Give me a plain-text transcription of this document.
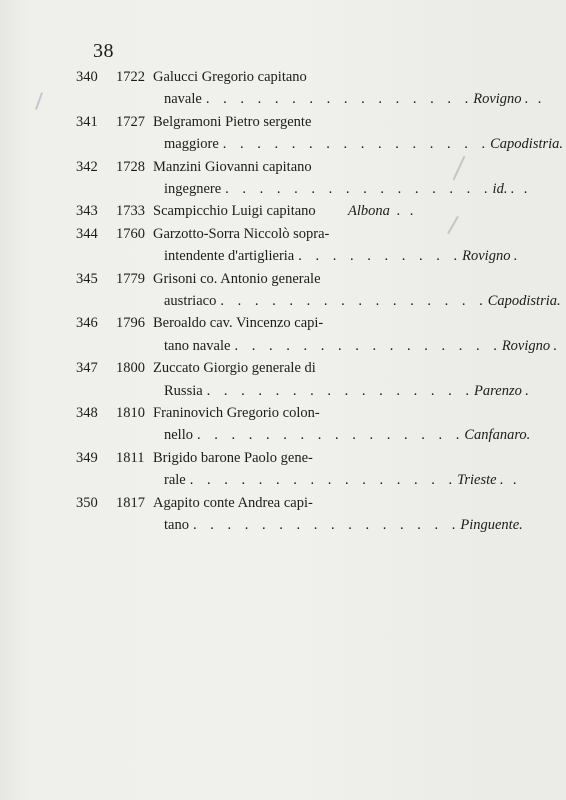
38
340	1722 Galucci Gregorio capitano
navale . . . . . . . . . . . . . . . . Rovigno . .
341	1727 Belgramoni Pietro sergente
maggiore . . . . . . . . . . . . . . . . Capodistria.
342	1728 Manzini Giovanni capitano
ingegnere . . . . . . . . . . . . . . . . id. . .
343	1733 Scampicchio Luigi capitano Albona . .
344	1760 Garzotto-Sorra Niccolò sopra-
intendente d'artiglieria . . . . . . . . . . Rovigno .
345	1779 Grisoni co. Antonio generale
austriaco . . . . . . . . . . . . . . . . Capodistria.
346	1796 Beroaldo cav. Vincenzo capi-
tano navale . . . . . . . . . . . . . . . . Rovigno .
347	1800 Zuccato Giorgio generale di
Russia . . . . . . . . . . . . . . . . Parenzo .
348	1810 Franinovich Gregorio colon-
nello . . . . . . . . . . . . . . . . Canfanaro.
349	1811 Brigido barone Paolo gene-
rale . . . . . . . . . . . . . . . . Trieste . .
350	1817 Agapito conte Andrea capi-
tano . . . . . . . . . . . . . . . . Pinguente.
